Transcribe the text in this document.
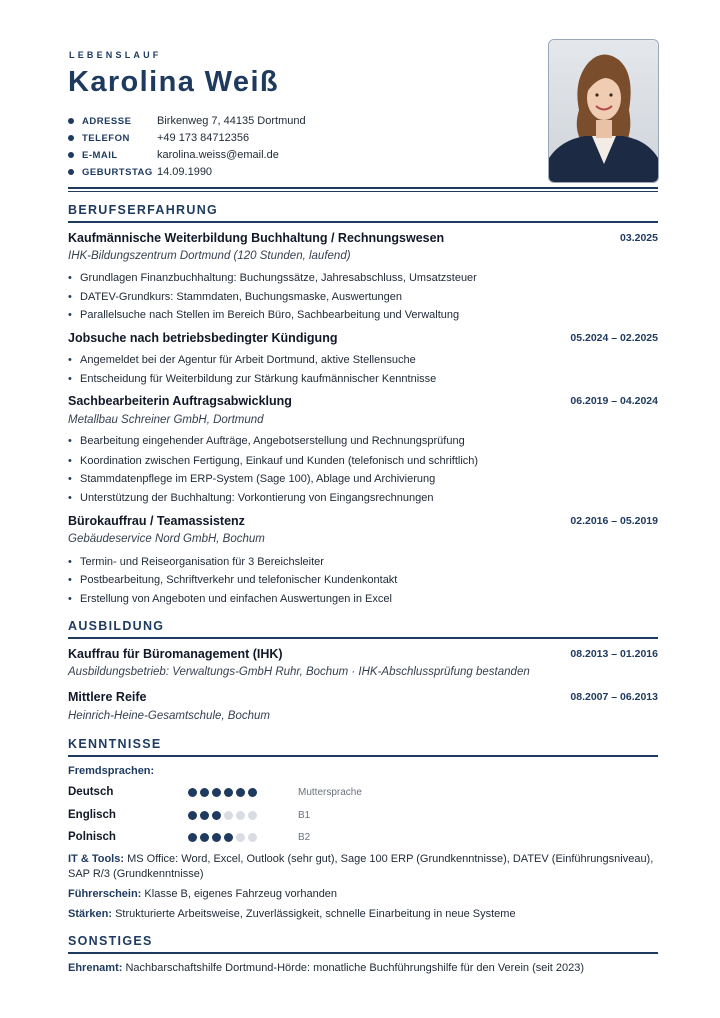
LEBENSLAUF
Karolina Weiß
ADRESSE	Birkenweg 7, 44135 Dortmund
TELEFON	+49 173 84712356
E-MAIL	karolina.weiss@email.de
GEBURTSTAG 14.09.1990
BERUFSERFAHRUNG
Kaufmännische Weiterbildung Buchhaltung / Rechnungswesen	03.2025
IHK-Bildungszentrum Dortmund (120 Stunden, laufend)
• Grundlagen Finanzbuchhaltung: Buchungssätze, Jahresabschluss, Umsatzsteuer
• DATEV-Grundkurs: Stammdaten, Buchungsmaske, Auswertungen
• Parallelsuche nach Stellen im Bereich Büro, Sachbearbeitung und Verwaltung
Jobsuche nach betriebsbedingter Kündigung	05.2024 – 02.2025
• Angemeldet bei der Agentur für Arbeit Dortmund, aktive Stellensuche
• Entscheidung für Weiterbildung zur Stärkung kaufmännischer Kenntnisse
Sachbearbeiterin Auftragsabwicklung	06.2019 – 04.2024
Metallbau Schreiner GmbH, Dortmund
• Bearbeitung eingehender Aufträge, Angebotserstellung und Rechnungsprüfung
• Koordination zwischen Fertigung, Einkauf und Kunden (telefonisch und schriftlich)
• Stammdatenpflege im ERP-System (Sage 100), Ablage und Archivierung
• Unterstützung der Buchhaltung: Vorkontierung von Eingangsrechnungen
Bürokauffrau / Teamassistenz	02.2016 – 05.2019
Gebäudeservice Nord GmbH, Bochum
• Termin- und Reiseorganisation für 3 Bereichsleiter
• Postbearbeitung, Schriftverkehr und telefonischer Kundenkontakt
• Erstellung von Angeboten und einfachen Auswertungen in Excel
AUSBILDUNG
Kauffrau für Büromanagement (IHK)	08.2013 – 01.2016
Ausbildungsbetrieb: Verwaltungs-GmbH Ruhr, Bochum · IHK-Abschlussprüfung bestanden
Mittlere Reife	08.2007 – 06.2013
Heinrich-Heine-Gesamtschule, Bochum
KENNTNISSE
Fremdsprachen:
Deutsch	Muttersprache
Englisch	B1
Polnisch	B2
IT & Tools: MS Office: Word, Excel, Outlook (sehr gut), Sage 100 ERP (Grundkenntnisse), DATEV (Einführungsniveau), SAP R/3 (Grundkenntnisse)
Führerschein: Klasse B, eigenes Fahrzeug vorhanden
Stärken: Strukturierte Arbeitsweise, Zuverlässigkeit, schnelle Einarbeitung in neue Systeme
SONSTIGES
Ehrenamt: Nachbarschaftshilfe Dortmund-Hörde: monatliche Buchführungshilfe für den Verein (seit 2023)
